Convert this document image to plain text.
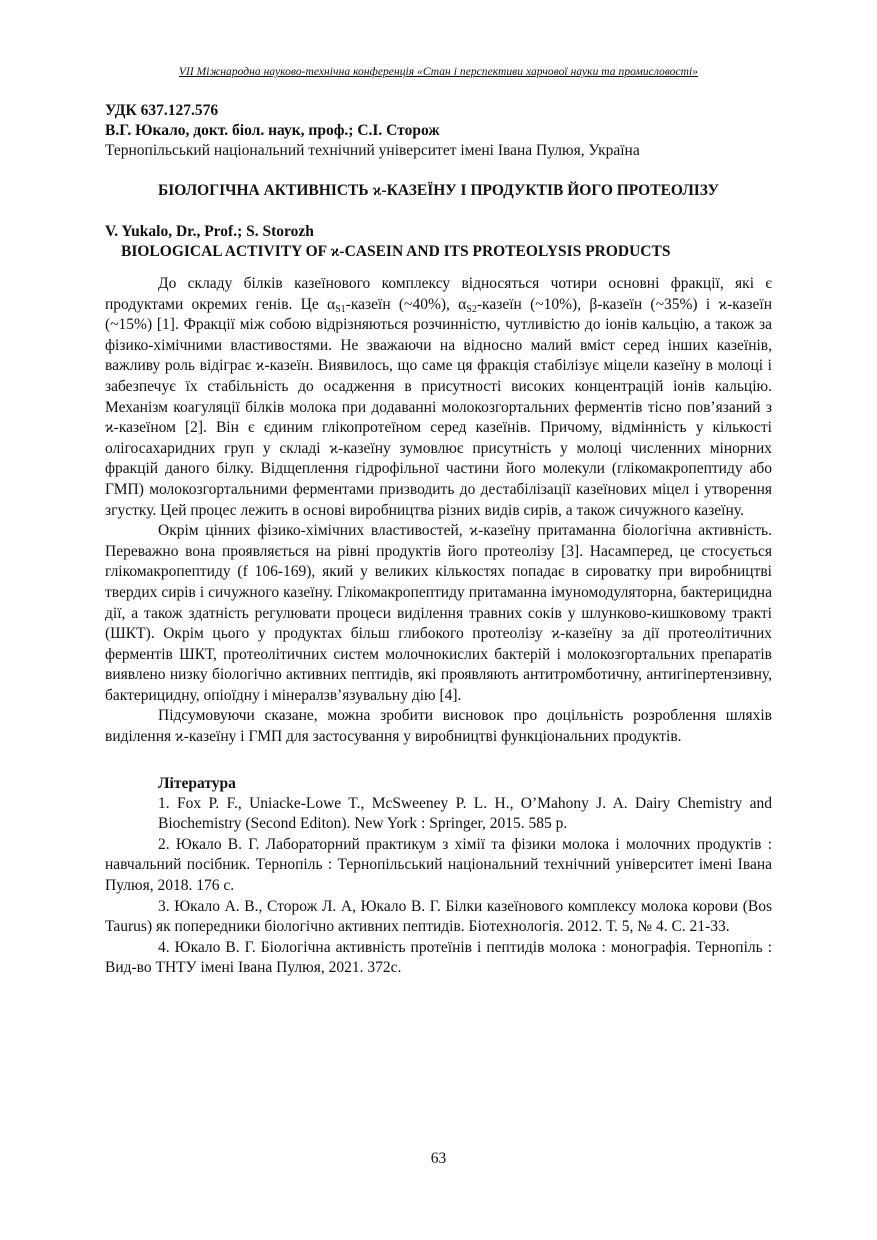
VII Міжнародна науково-технічна конференція «Стан і перспективи харчової науки та промисловості»

УДК 637.127.576

В.Г. Юкало, докт. біол. наук, проф.; С.І. Сторож

Тернопільський національний технічний університет імені Івана Пулюя, Україна

БІОЛОГІЧНА АКТИВНІСТЬ ϰ-КАЗЕЇНУ І ПРОДУКТІВ ЙОГО ПРОТЕОЛІЗУ

V. Yukalo, Dr., Prof.; S. Storozh

BIOLOGICAL ACTIVITY OF ϰ-CASEIN AND ITS PROTEOLYSIS PRODUCTS

До складу білків казеїнового комплексу відносяться чотири основні фракції, які є продуктами окремих генів. Це $\alpha_{S1}$-казеїн (~40%), $\alpha_{S2}$-казеїн (~10%), β-казеїн (~35%) і ϰ-казеїн (~15%) [1]. Фракції між собою відрізняються розчинністю, чутливістю до іонів кальцію, а також за фізико-хімічними властивостями. Не зважаючи на відносно малий вміст серед інших казеїнів, важливу роль відіграє ϰ-казеїн. Виявилось, що саме ця фракція стабілізує міцели казеїну в молоці і забезпечує їх стабільність до осадження в присутності високих концентрацій іонів кальцію. Механізм коагуляції білків молока при додаванні молокозгортальних ферментів тісно пов’язаний з ϰ-казеїном [2]. Він є єдиним глікопротеїном серед казеїнів. Причому, відмінність у кількості олігосахаридних груп у складі ϰ-казеїну зумовлює присутність у молоці численних мінорних фракцій даного білку. Відщеплення гідрофільної частини його молекули (глікомакропептиду або ГМП) молокозгортальними ферментами призводить до дестабілізації казеїнових міцел і утворення згустку. Цей процес лежить в основі виробництва різних видів сирів, а також сичужного казеїну.

Окрім цінних фізико-хімічних властивостей, ϰ-казеїну притаманна біологічна активність. Переважно вона проявляється на рівні продуктів його протеолізу [3]. Насамперед, це стосується глікомакропептиду (f 106-169), який у великих кількостях попадає в сироватку при виробництві твердих сирів і сичужного казеїну. Глікомакропептиду притаманна імуномодуляторна, бактерицидна дії, а також здатність регулювати процеси виділення травних соків у шлунково-кишковому тракті (ШКТ). Окрім цього у продуктах більш глибокого протеолізу ϰ-казеїну за дії протеолітичних ферментів ШКТ, протеолітичних систем молочнокислих бактерій і молокозгортальних препаратів виявлено низку біологічно активних пептидів, які проявляють антитромботичну, антигіпертензивну, бактерицидну, опіоїдну і мінералзв’язувальну дію [4].

Підсумовуючи сказане, можна зробити висновок про доцільність розроблення шляхів виділення ϰ-казеїну і ГМП для застосування у виробництві функціональних продуктів.

Література

1. Fox P. F., Uniacke-Lowe T., McSweeney P. L. H., O’Mahony J. A. Dairy Chemistry and Biochemistry (Second Editon). New York : Springer, 2015. 585 p.

2. Юкало В. Г. Лабораторний практикум з хімії та фізики молока і молочних продуктів : навчальний посібник. Тернопіль : Тернопільський національний технічний університет імені Івана Пулюя, 2018. 176 с.

3. Юкало А. В., Сторож Л. А, Юкало В. Г. Білки казеїнового комплексу молока корови (Bos Taurus) як попередники біологічно активних пептидів. Біотехнологія. 2012. Т. 5, № 4. С. 21-33.

4. Юкало В. Г. Біологічна активність протеїнів і пептидів молока : монографія. Тернопіль : Вид-во ТНТУ імені Івана Пулюя, 2021. 372с.

63
